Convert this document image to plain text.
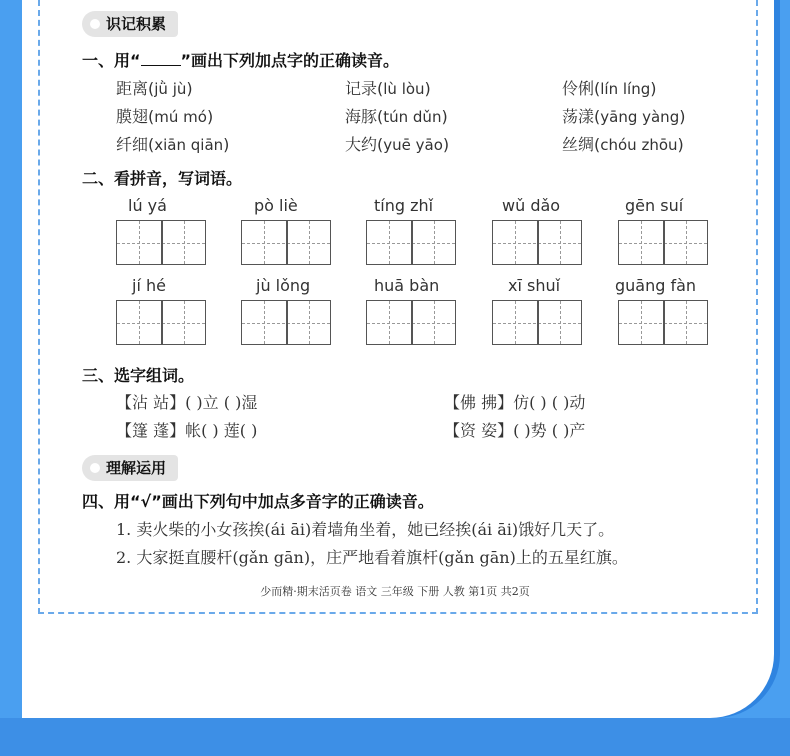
识记积累
一、用“	”画出下列加点字的正确读音。
距离(jǜ jù)	记录(lù lòu)	伶俐(lín líng)
膜翅(mú mó)	海豚(tún dǔn)	荡漾(yāng yàng)
纤细(xiān qiān)	大约(yuē yāo)	丝绸(chóu zhōu)
二、看拼音，写词语。
lú yá	pò liè	tíng zhǐ	wǔ dǎo	gēn suí
jí hé	jù lǒng	huā bàn	xī shuǐ	guāng fàn
三、选字组词。
【沾 站】( )立 ( )湿	【佛 拂】仿( ) ( )动
【篷 蓬】帐( ) 莲( )	【资 姿】( )势 ( )产
理解运用
四、用“√”画出下列句中加点多音字的正确读音。
1. 卖火柴的小女孩挨(ái āi)着墙角坐着，她已经挨(ái āi)饿好几天了。
2. 大家挺直腰杆(gǎn gān)，庄严地看着旗杆(gǎn gān)上的五星红旗。
少而精·期末活页卷 语文 三年级 下册 人教 第1页 共2页
